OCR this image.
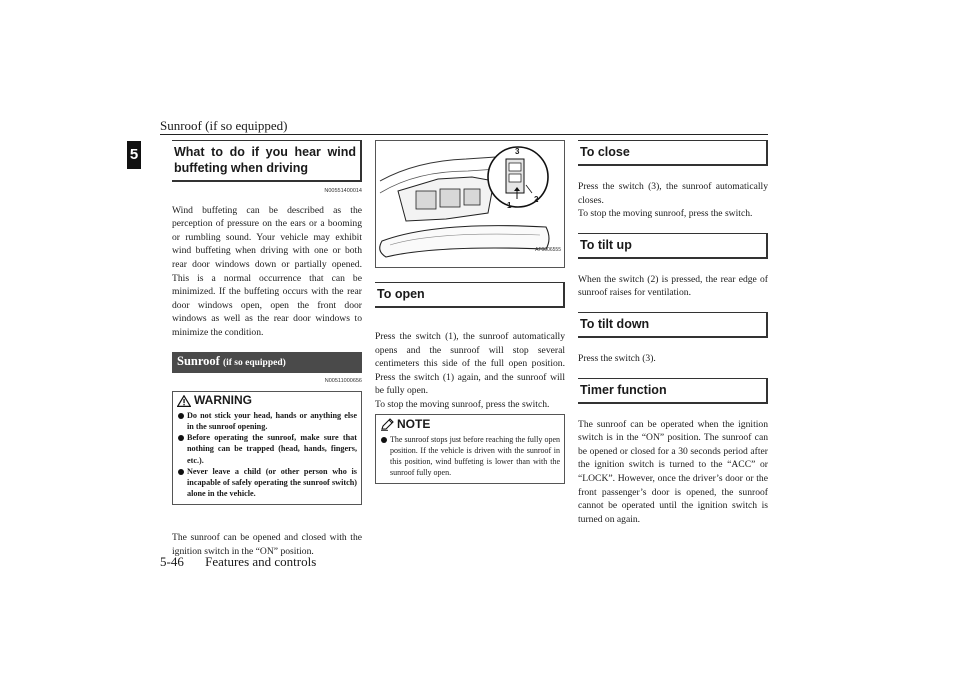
Sunroof (if so equipped)
5	What to do if you hear wind buffeting when driving
N00551400014

Wind buffeting can be described as the perception of pressure on the ears or a booming or rumbling sound. Your vehicle may exhibit wind buffeting when driving with one or both rear door windows down or partially opened. This is a normal occurrence that can be minimized. If the buffeting occurs with the rear door windows open, open the front door windows as well as the rear door windows to minimize the condition.

Sunroof (if so equipped)
N00511000656
WARNING
Do not stick your head, hands or anything else in the sunroof opening.
Before operating the sunroof, make sure that nothing can be trapped (head, hands, fingers, etc.).
Never leave a child (or other person who is incapable of safely operating the sunroof switch) alone in the vehicle.

The sunroof can be opened and closed with the ignition switch in the “ON” position.

3
1
2
AF0006555
To open

Press the switch (1), the sunroof automatically opens and the sunroof will stop several centimeters this side of the full open position. Press the switch (1) again, and the sunroof will be fully open.

To stop the moving sunroof, press the switch.

NOTE
The sunroof stops just before reaching the fully open position. If the vehicle is driven with the sunroof in this position, wind buffeting is lower than with the sunroof fully open.
To close

Press the switch (3), the sunroof automatically closes.

To stop the moving sunroof, press the switch.

To tilt up

When the switch (2) is pressed, the rear edge of sunroof raises for ventilation.

To tilt down

Press the switch (3).

Timer function

The sunroof can be operated when the ignition switch is in the “ON” position. The sunroof can be opened or closed for a 30 seconds period after the ignition switch is turned to the “ACC” or “LOCK”. However, once the driver’s door or the front passenger’s door is opened, the sunroof cannot be operated until the ignition switch is turned on again.

5-46 Features and controls
